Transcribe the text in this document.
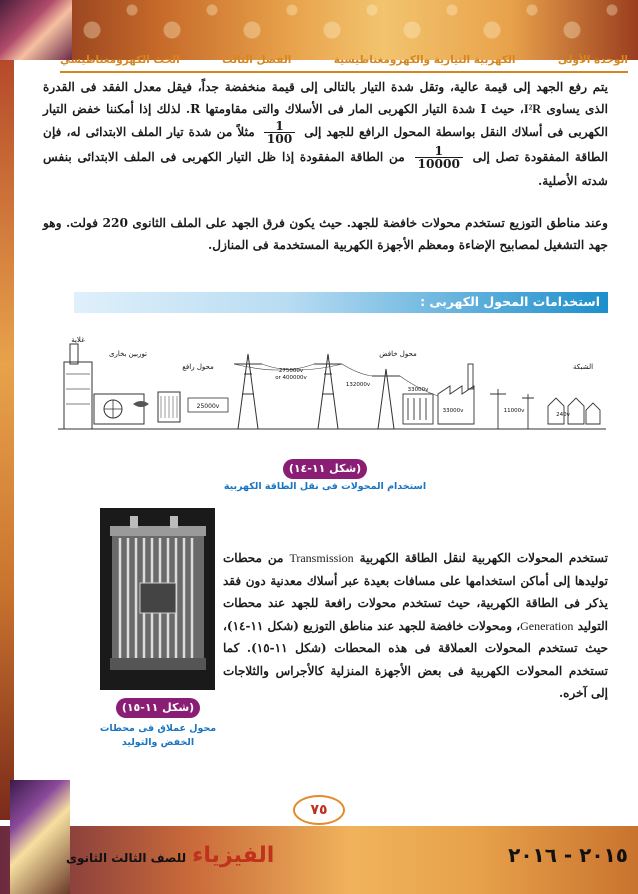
الوحدة الأولى
الكهربية التيارية والكهرومغناطيسية
الفصل الثالث
الحث الكهرومغناطيسي
يتم رفع الجهد إلى قيمة عالية، وتقل شدة التيار بالتالى إلى قيمة منخفضة جداً، فيقل معدل الفقد فى القدرة الذى يساوى I²R، حيث I شدة التيار الكهربى المار فى الأسلاك والتى مقاومتها R. لذلك إذا أمكننا خفض التيار الكهربى فى أسلاك النقل بواسطة المحول الرافع للجهد إلى
$\frac{1}{100}$
مثلاً من شدة تيار الملف الابتدائى له، فإن الطاقة المفقودة تصل إلى
$\frac{1}{10000}$
من الطاقة المفقودة إذا ظل التيار الكهربى فى الملف الابتدائى بنفس شدته الأصلية.
وعند مناطق التوزيع تستخدم محولات خافضة للجهد. حيث يكون فرق الجهد على الملف الثانوى 220 فولت. وهو جهد التشغيل لمصابيح الإضاءة ومعظم الأجهزة الكهربية المستخدمة فى المنازل.
استخدامات المحول الكهربى :
25000v
275000v
or 400000v
132000v
33000v
33000v	11000v
240v
غلاية
توربين بخارى
محول رافع
محول خافض
الشبكة
(شكل ١١-١٤)
استخدام المحولات فى نقل الطاقة الكهربية
(شكل ١١-١٥)
محول عملاق فى محطات
الخفض والتوليد
تستخدم المحولات الكهربية لنقل الطاقة الكهربية Transmission من محطات توليدها إلى أماكن استخدامها على مسافات بعيدة عبر أسلاك معدنية دون فقد يذكر فى الطاقة الكهربية، حيث تستخدم محولات رافعة للجهد عند محطات التوليد Generation، ومحولات خافضة للجهد عند مناطق التوزيع (شكل ١١-١٤)، حيث تستخدم المحولات العملاقة فى هذه المحطات (شكل ١١-١٥). كما تستخدم المحولات الكهربية فى بعض الأجهزة المنزلية كالأجراس والثلاجات إلى آخره.
٧٥
الفيزياء
للصف الثالث الثانوى	٢٠١٥ - ٢٠١٦
